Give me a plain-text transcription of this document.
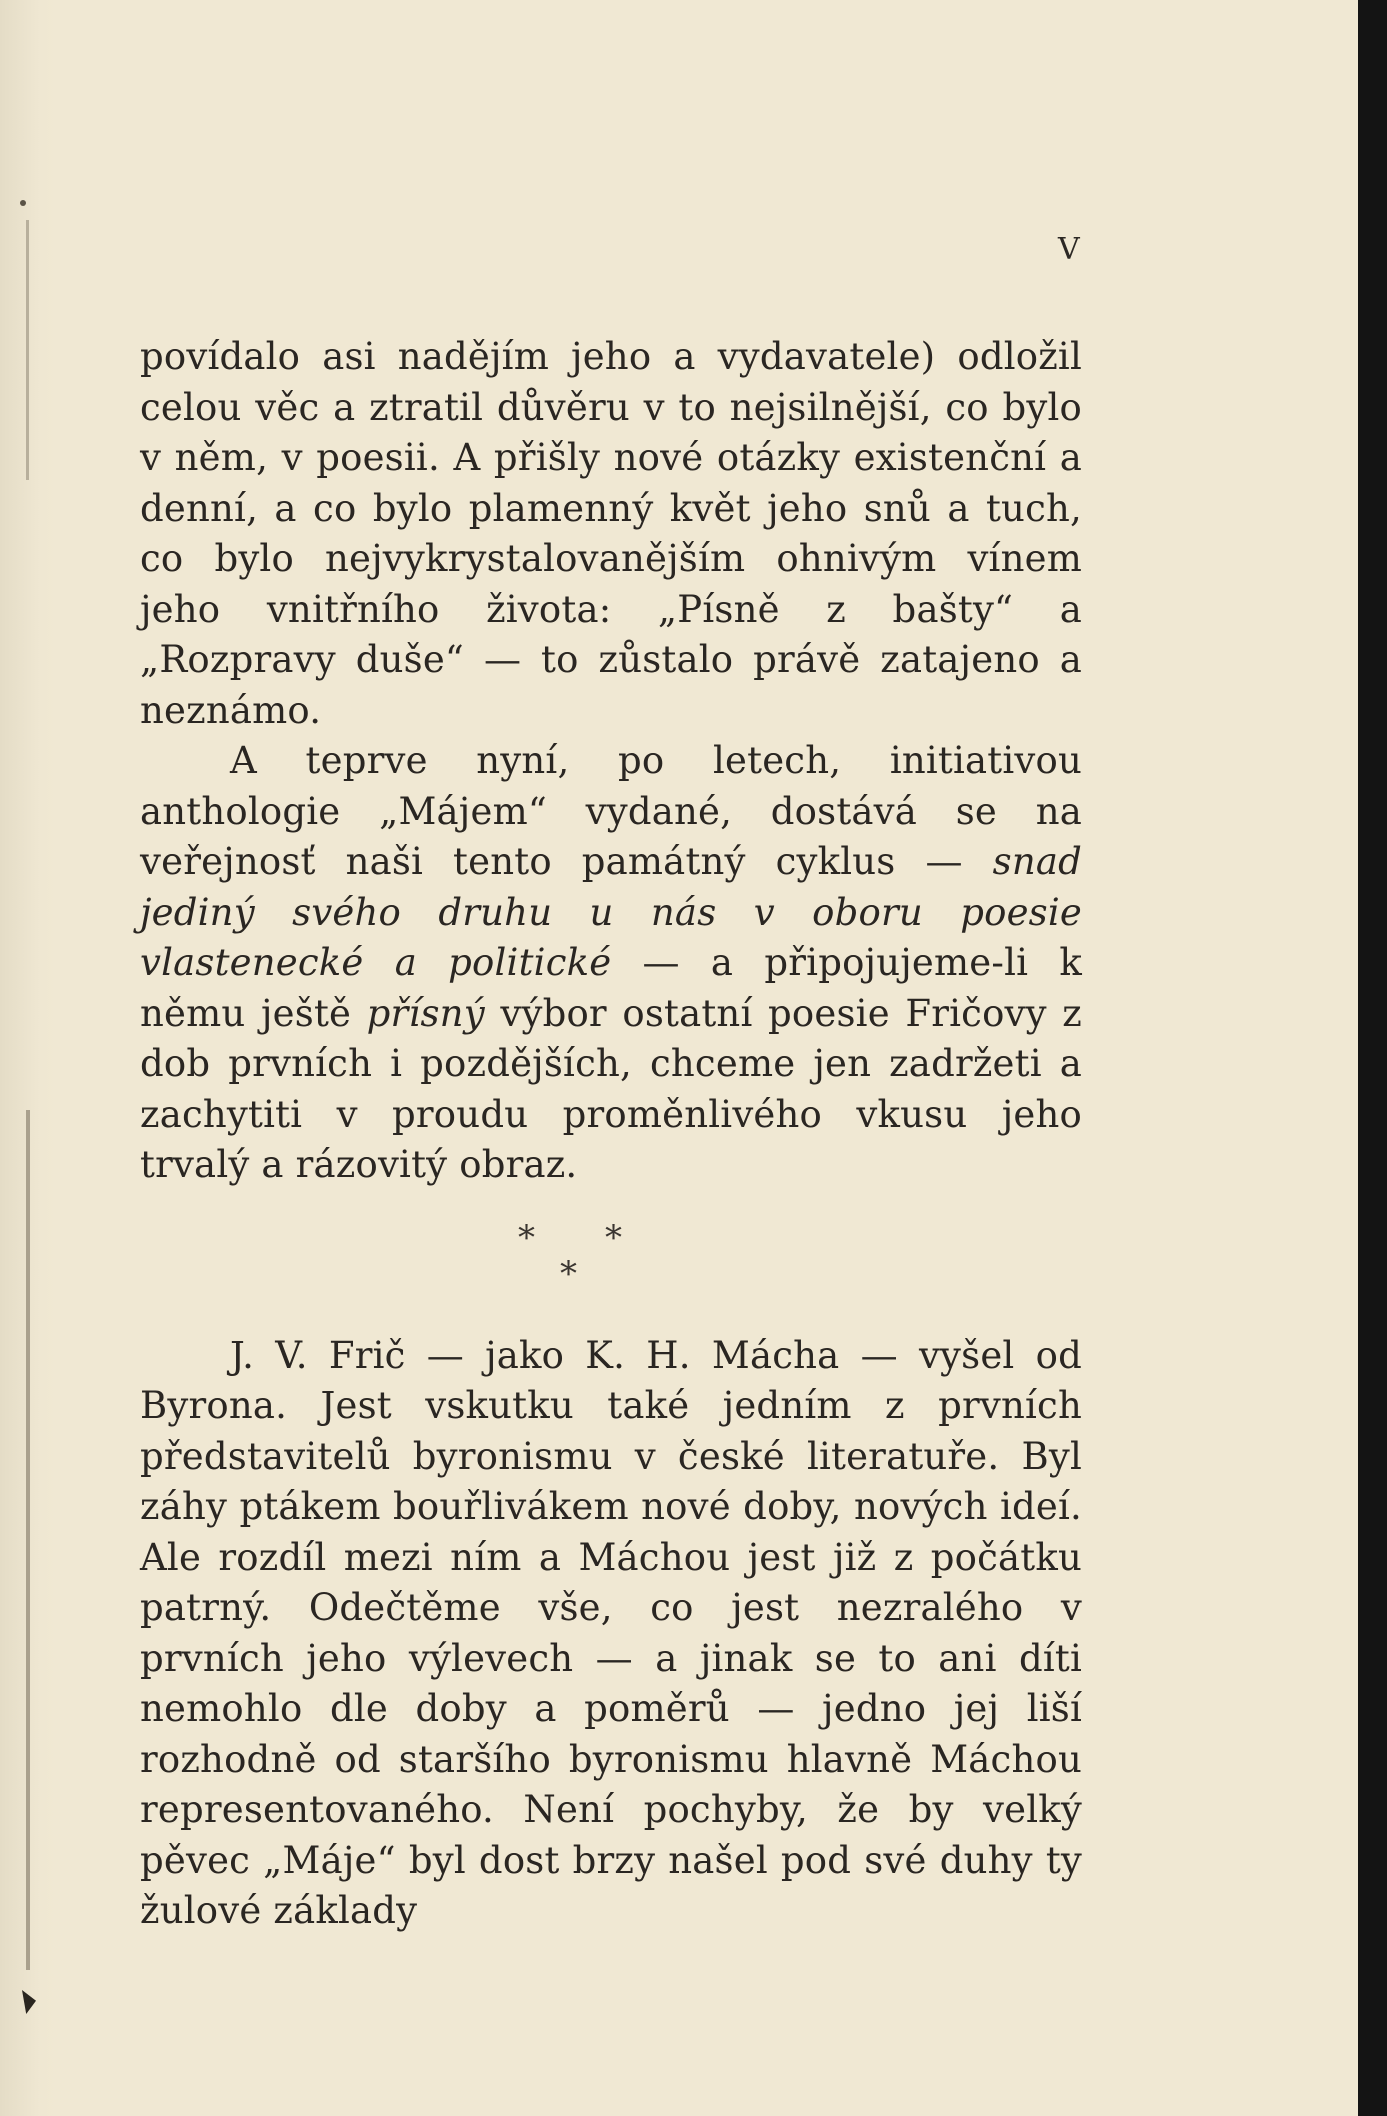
V

povídalo asi nadějím jeho a vydavatele) odložil celou věc a ztratil důvěru v to nejsilnější, co bylo v něm, v poesii. A přišly nové otázky existenční a denní, a co bylo plamenný květ jeho snů a tuch, co bylo nejvykrystalovanějším ohnivým vínem jeho vnitřního života: „Písně z bašty“ a „Rozpravy duše“ — to zůstalo právě zatajeno a neznámo.

A teprve nyní, po letech, initiativou anthologie „Májem“ vydané, dostává se na veřejnosť naši tento památný cyklus — snad jediný svého druhu u nás v oboru poesie vlastenecké a politické — a připojujeme-li k němu ještě přísný výbor ostatní poesie Fričovy z dob prvních i pozdějších, chceme jen zadržeti a zachytiti v proudu proměnlivého vkusu jeho trvalý a rázovitý obraz.

* *
*

J. V. Frič — jako K. H. Mácha — vyšel od Byrona. Jest vskutku také jedním z prvních představitelů byronismu v české literatuře. Byl záhy ptákem bouřlivákem nové doby, nových ideí. Ale rozdíl mezi ním a Máchou jest již z počátku patrný. Odečtěme vše, co jest nezralého v prvních jeho výlevech — a jinak se to ani díti nemohlo dle doby a poměrů — jedno jej liší rozhodně od staršího byronismu hlavně Máchou representovaného. Není pochyby, že by velký pěvec „Máje“ byl dost brzy našel pod své duhy ty žulové základy
